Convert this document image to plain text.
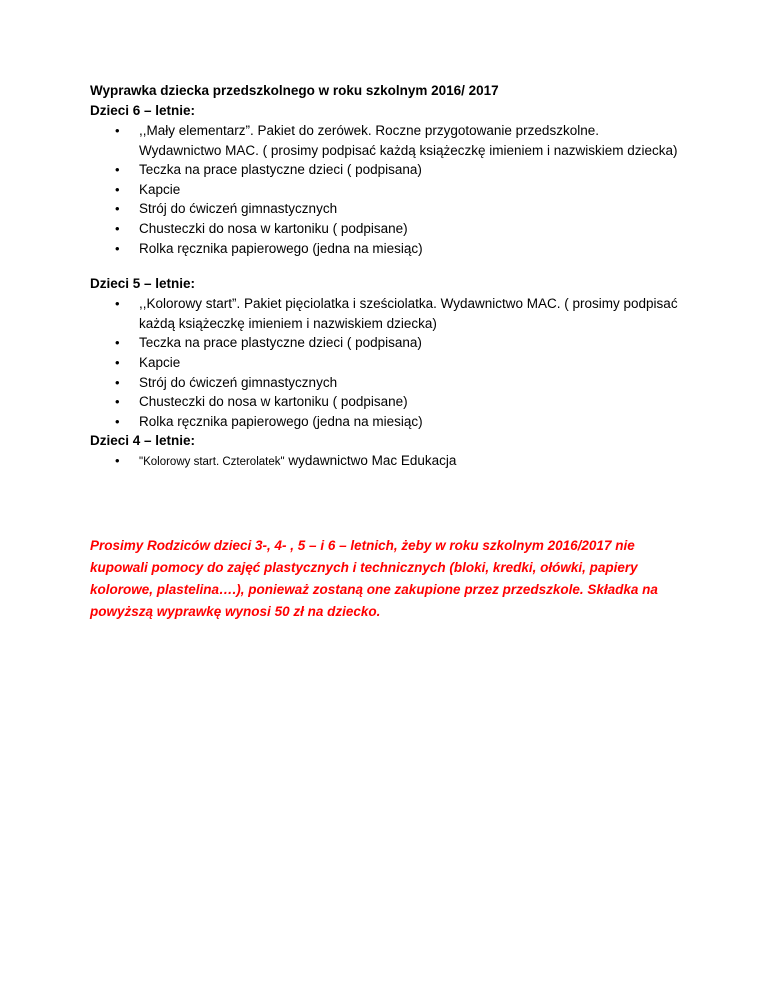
Wyprawka dziecka przedszkolnego w roku szkolnym 2016/ 2017

Dzieci 6 – letnie:

• ,,Mały elementarz”. Pakiet do zerówek. Roczne przygotowanie przedszkolne. Wydawnictwo MAC. ( prosimy podpisać każdą książeczkę imieniem i nazwiskiem dziecka)
• Teczka na prace plastyczne dzieci ( podpisana)
• Kapcie
• Strój do ćwiczeń gimnastycznych
• Chusteczki do nosa w kartoniku ( podpisane)
• Rolka ręcznika papierowego (jedna na miesiąc)

Dzieci 5 – letnie:

• ,,Kolorowy start”. Pakiet pięciolatka i sześciolatka. Wydawnictwo MAC. ( prosimy podpisać każdą książeczkę imieniem i nazwiskiem dziecka)
• Teczka na prace plastyczne dzieci ( podpisana)
• Kapcie
• Strój do ćwiczeń gimnastycznych
• Chusteczki do nosa w kartoniku ( podpisane)
• Rolka ręcznika papierowego (jedna na miesiąc)

Dzieci 4 – letnie:

• "Kolorowy start. Czterolatek" wydawnictwo Mac Edukacja

Prosimy Rodziców dzieci 3-, 4- , 5 – i 6 – letnich, żeby w roku szkolnym 2016/2017 nie kupowali pomocy do zajęć plastycznych i technicznych (bloki, kredki, ołówki, papiery kolorowe, plastelina….), ponieważ zostaną one zakupione przez przedszkole. Składka na powyższą wyprawkę wynosi 50 zł na dziecko.
